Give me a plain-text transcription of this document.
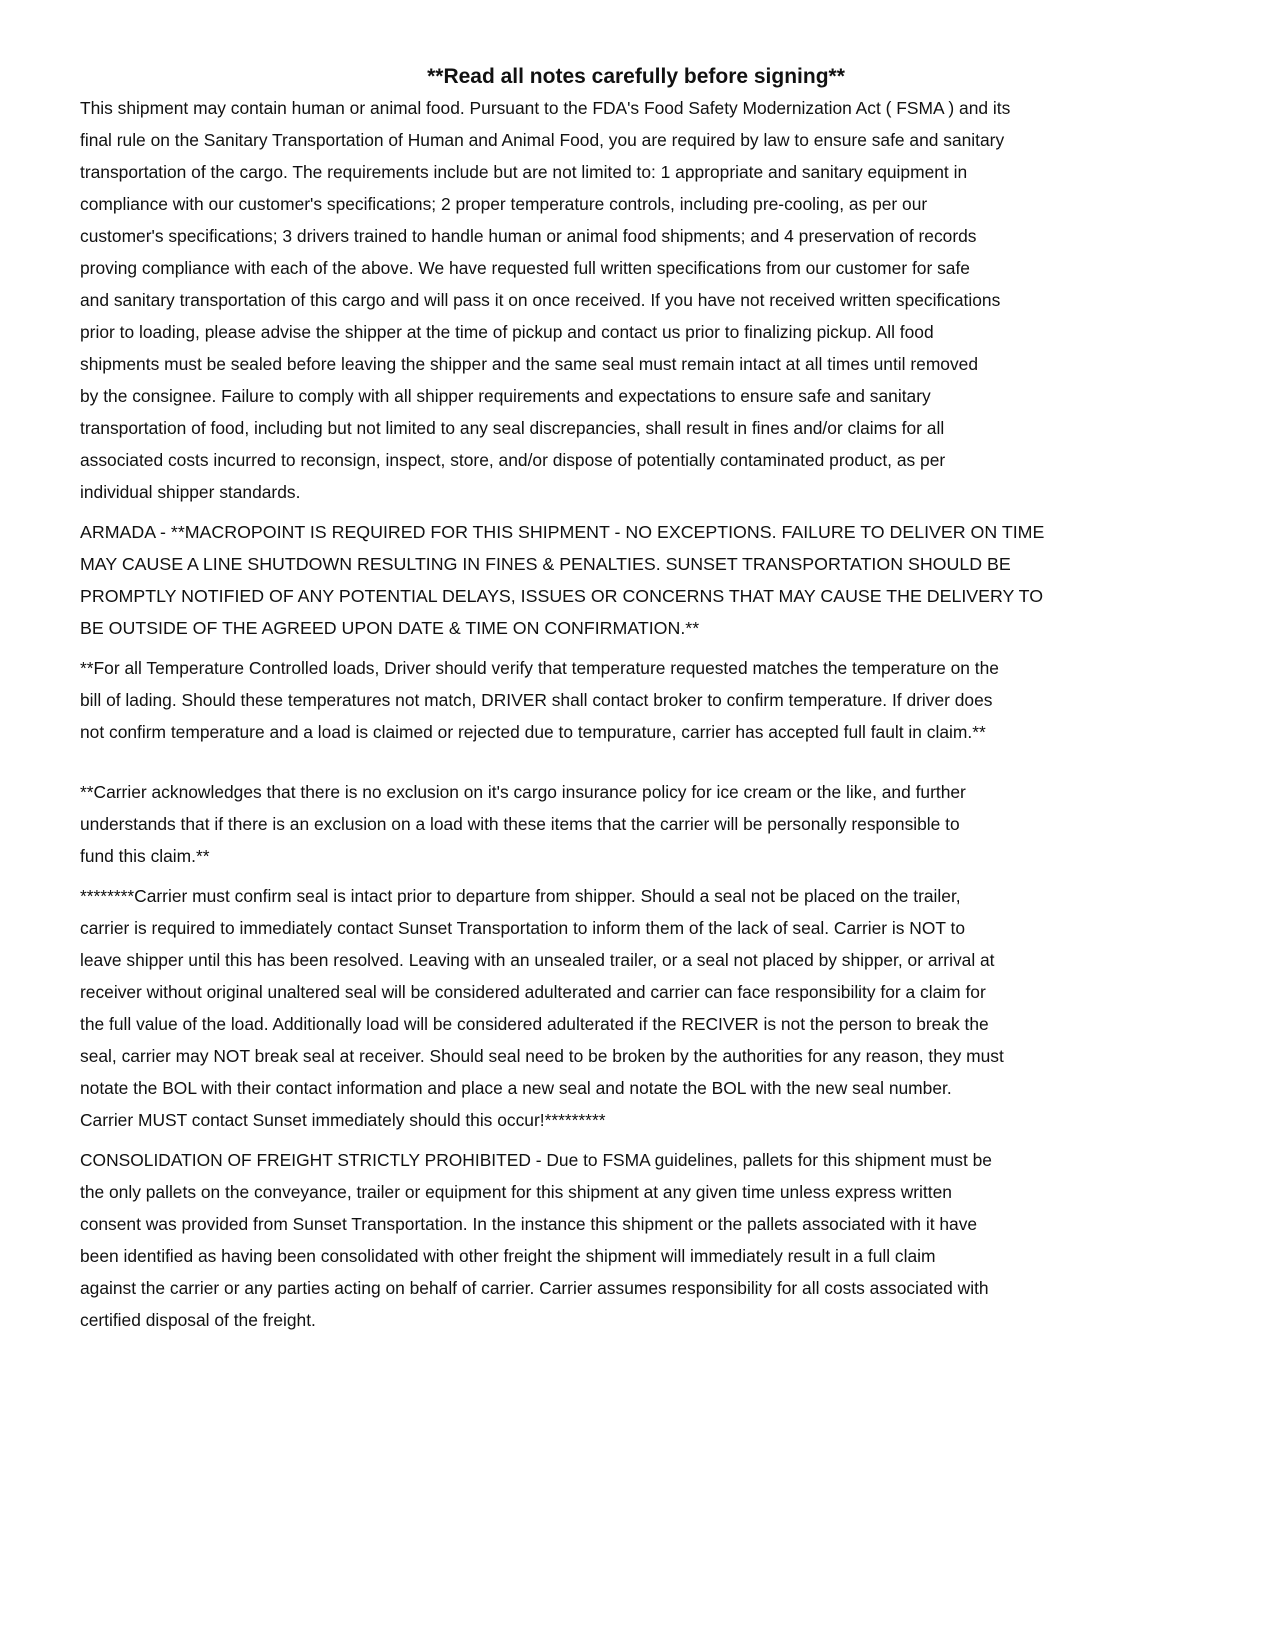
**Read all notes carefully before signing**
This shipment may contain human or animal food. Pursuant to the FDA's Food Safety Modernization Act ( FSMA ) and its
final rule on the Sanitary Transportation of Human and Animal Food, you are required by law to ensure safe and sanitary
transportation of the cargo. The requirements include but are not limited to: 1 appropriate and sanitary equipment in
compliance with our customer's specifications; 2 proper temperature controls, including pre-cooling, as per our
customer's specifications; 3 drivers trained to handle human or animal food shipments; and 4 preservation of records
proving compliance with each of the above. We have requested full written specifications from our customer for safe
and sanitary transportation of this cargo and will pass it on once received. If you have not received written specifications
prior to loading, please advise the shipper at the time of pickup and contact us prior to finalizing pickup. All food
shipments must be sealed before leaving the shipper and the same seal must remain intact at all times until removed
by the consignee. Failure to comply with all shipper requirements and expectations to ensure safe and sanitary
transportation of food, including but not limited to any seal discrepancies, shall result in fines and/or claims for all
associated costs incurred to reconsign, inspect, store, and/or dispose of potentially contaminated product, as per
individual shipper standards.
ARMADA - **MACROPOINT IS REQUIRED FOR THIS SHIPMENT - NO EXCEPTIONS. FAILURE TO DELIVER ON TIME
MAY CAUSE A LINE SHUTDOWN RESULTING IN FINES & PENALTIES. SUNSET TRANSPORTATION SHOULD BE
PROMPTLY NOTIFIED OF ANY POTENTIAL DELAYS, ISSUES OR CONCERNS THAT MAY CAUSE THE DELIVERY TO
BE OUTSIDE OF THE AGREED UPON DATE & TIME ON CONFIRMATION.**
**For all Temperature Controlled loads, Driver should verify that temperature requested matches the temperature on the
bill of lading. Should these temperatures not match, DRIVER shall contact broker to confirm temperature. If driver does
not confirm temperature and a load is claimed or rejected due to tempurature, carrier has accepted full fault in claim.**
**Carrier acknowledges that there is no exclusion on it's cargo insurance policy for ice cream or the like, and further
understands that if there is an exclusion on a load with these items that the carrier will be personally responsible to
fund this claim.**
********Carrier must confirm seal is intact prior to departure from shipper. Should a seal not be placed on the trailer,
carrier is required to immediately contact Sunset Transportation to inform them of the lack of seal. Carrier is NOT to
leave shipper until this has been resolved. Leaving with an unsealed trailer, or a seal not placed by shipper, or arrival at
receiver without original unaltered seal will be considered adulterated and carrier can face responsibility for a claim for
the full value of the load. Additionally load will be considered adulterated if the RECIVER is not the person to break the
seal, carrier may NOT break seal at receiver. Should seal need to be broken by the authorities for any reason, they must
notate the BOL with their contact information and place a new seal and notate the BOL with the new seal number.
Carrier MUST contact Sunset immediately should this occur!*********
CONSOLIDATION OF FREIGHT STRICTLY PROHIBITED - Due to FSMA guidelines, pallets for this shipment must be
the only pallets on the conveyance, trailer or equipment for this shipment at any given time unless express written
consent was provided from Sunset Transportation. In the instance this shipment or the pallets associated with it have
been identified as having been consolidated with other freight the shipment will immediately result in a full claim
against the carrier or any parties acting on behalf of carrier. Carrier assumes responsibility for all costs associated with
certified disposal of the freight.
